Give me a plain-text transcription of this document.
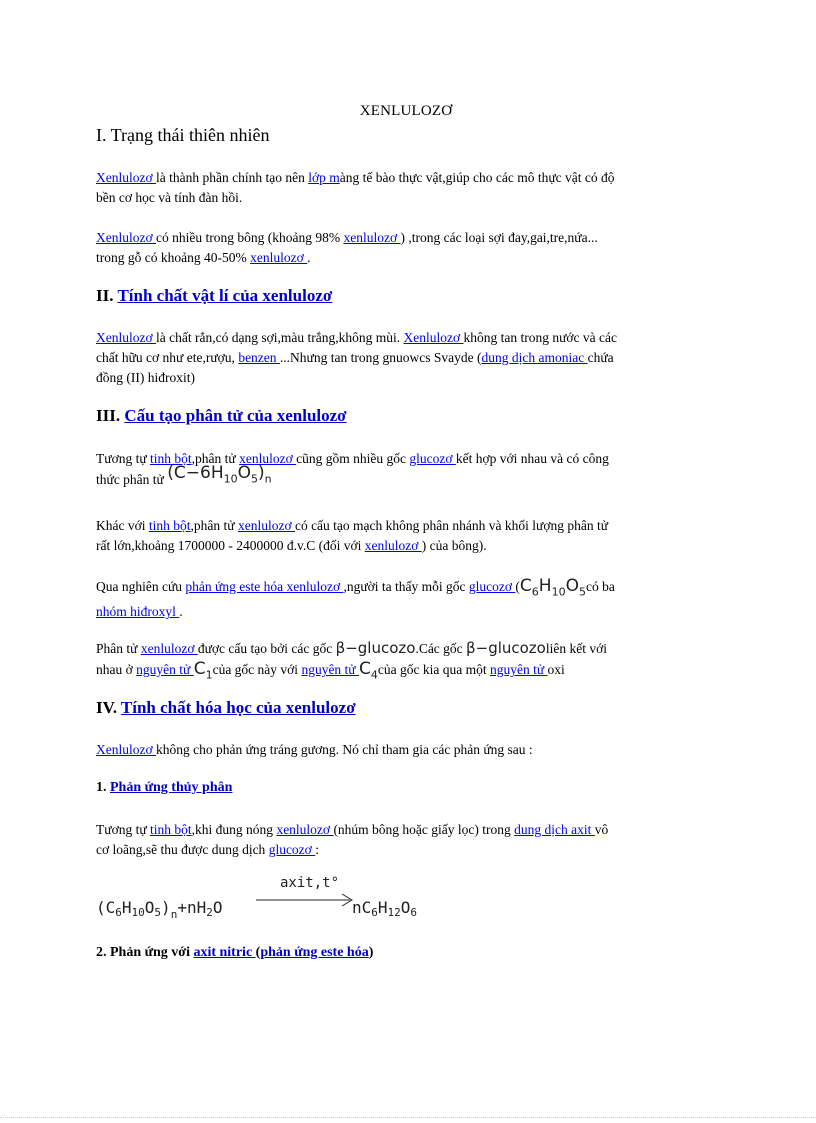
XENLULOZƠ
I. Trạng thái thiên nhiên
Xenlulozơ là thành phần chính tạo nên lớp màng tế bào thực vật,giúp cho các mô thực vật có độ
bền cơ học và tính đàn hồi.
Xenlulozơ có nhiều trong bông (khoảng 98% xenlulozơ ) ,trong các loại sợi đay,gai,tre,nứa...
trong gỗ có khoảng 40-50% xenlulozơ .
II. Tính chất vật lí của xenlulozơ
Xenlulozơ là chất rắn,có dạng sợi,màu trắng,không mùi. Xenlulozơ không tan trong nước và các
chất hữu cơ như ete,rượu, benzen ...Nhưng tan trong gnuowcs Svayde (dung dịch amoniac chứa
đồng (II) hiđroxit)
III. Cấu tạo phân tử của xenlulozơ
Tương tự tinh bột,phân tử xenlulozơ cũng gồm nhiều gốc glucozơ kết hợp với nhau và có công
thức phân tử $(C-6H_{10}O_5)_n$
Khác với tinh bột,phân tử xenlulozơ có cấu tạo mạch không phân nhánh và khối lượng phân tử
rất lớn,khoảng 1700000 - 2400000 đ.v.C (đối với xenlulozơ ) của bông).
Qua nghiên cứu phản ứng este hóa xenlulozơ ,người ta thấy mỗi gốc glucozơ ($C_6H_{10}O_5có$ ba
nhóm hiđroxyl .
Phân tử xenlulozơ được cấu tạo bởi các gốc β−glucozo.Các gốc β−glucozoliên kết với
nhau ở nguyên tử $C_1của$ gốc này với nguyên tử $C_4của$ gốc kia qua một nguyên tử oxi
IV. Tính chất hóa học của xenlulozơ
Xenlulozơ không cho phản ứng tráng gương. Nó chỉ tham gia các phản ứng sau :
1. Phản ứng thủy phân
Tương tự tinh bột,khi đung nóng xenlulozơ (nhúm bông hoặc giấy lọc) trong dung dịch axit vô
cơ loãng,sẽ thu được dung dịch glucozơ :
axit,t°
$(C6H10O5)_n+nH2O$	nC6H12O6
2. Phản ứng với axit nitric (phản ứng este hóa)
